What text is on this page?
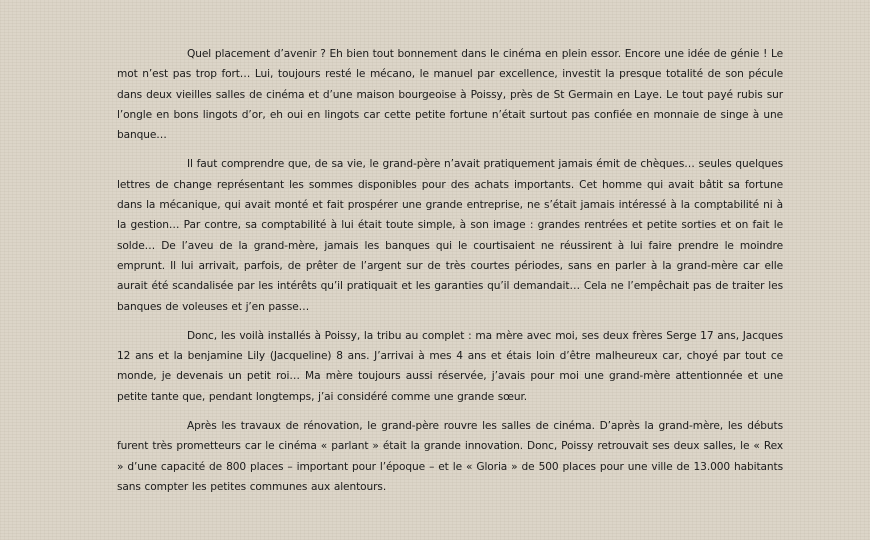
Quel placement d’avenir ? Eh bien tout bonnement dans le cinéma en plein essor. Encore une idée de génie ! Le mot n’est pas trop fort… Lui, toujours resté le mécano, le manuel par excellence, investit la presque totalité de son pécule dans deux vieilles salles de cinéma et d’une maison bourgeoise à Poissy, près de St Germain en Laye. Le tout payé rubis sur l’ongle en bons lingots d’or, eh oui en lingots car cette petite fortune n’était surtout pas confiée en monnaie de singe à une banque…

Il faut comprendre que, de sa vie, le grand-père n’avait pratiquement jamais émit de chèques… seules quelques lettres de change représentant les sommes disponibles pour des achats importants. Cet homme qui avait bâtit sa fortune dans la mécanique, qui avait monté et fait prospérer une grande entreprise, ne s’était jamais intéressé à la comptabilité ni à la gestion… Par contre, sa comptabilité à lui était toute simple, à son image : grandes rentrées et petite sorties et on fait le solde… De l’aveu de la grand-mère, jamais les banques qui le courtisaient ne réussirent à lui faire prendre le moindre emprunt. Il lui arrivait, parfois, de prêter de l’argent sur de très courtes périodes, sans en parler à la grand-mère car elle aurait été scandalisée par les intérêts qu’il pratiquait et les garanties qu’il demandait… Cela ne l’empêchait pas de traiter les banques de voleuses et j’en passe…

Donc, les voilà installés à Poissy, la tribu au complet : ma mère avec moi, ses deux frères Serge 17 ans, Jacques 12 ans et la benjamine Lily (Jacqueline) 8 ans. J’arrivai à mes 4 ans et étais loin d’être malheureux car, choyé par tout ce monde, je devenais un petit roi… Ma mère toujours aussi réservée, j’avais pour moi une grand-mère attentionnée et une petite tante que, pendant longtemps, j’ai considéré comme une grande sœur.

Après les travaux de rénovation, le grand-père rouvre les salles de cinéma. D’après la grand-mère, les débuts furent très prometteurs car le cinéma « parlant » était la grande innovation. Donc, Poissy retrouvait ses deux salles, le « Rex » d’une capacité de 800 places – important pour l’époque – et le « Gloria » de 500 places pour une ville de 13.000 habitants sans compter les petites communes aux alentours.
